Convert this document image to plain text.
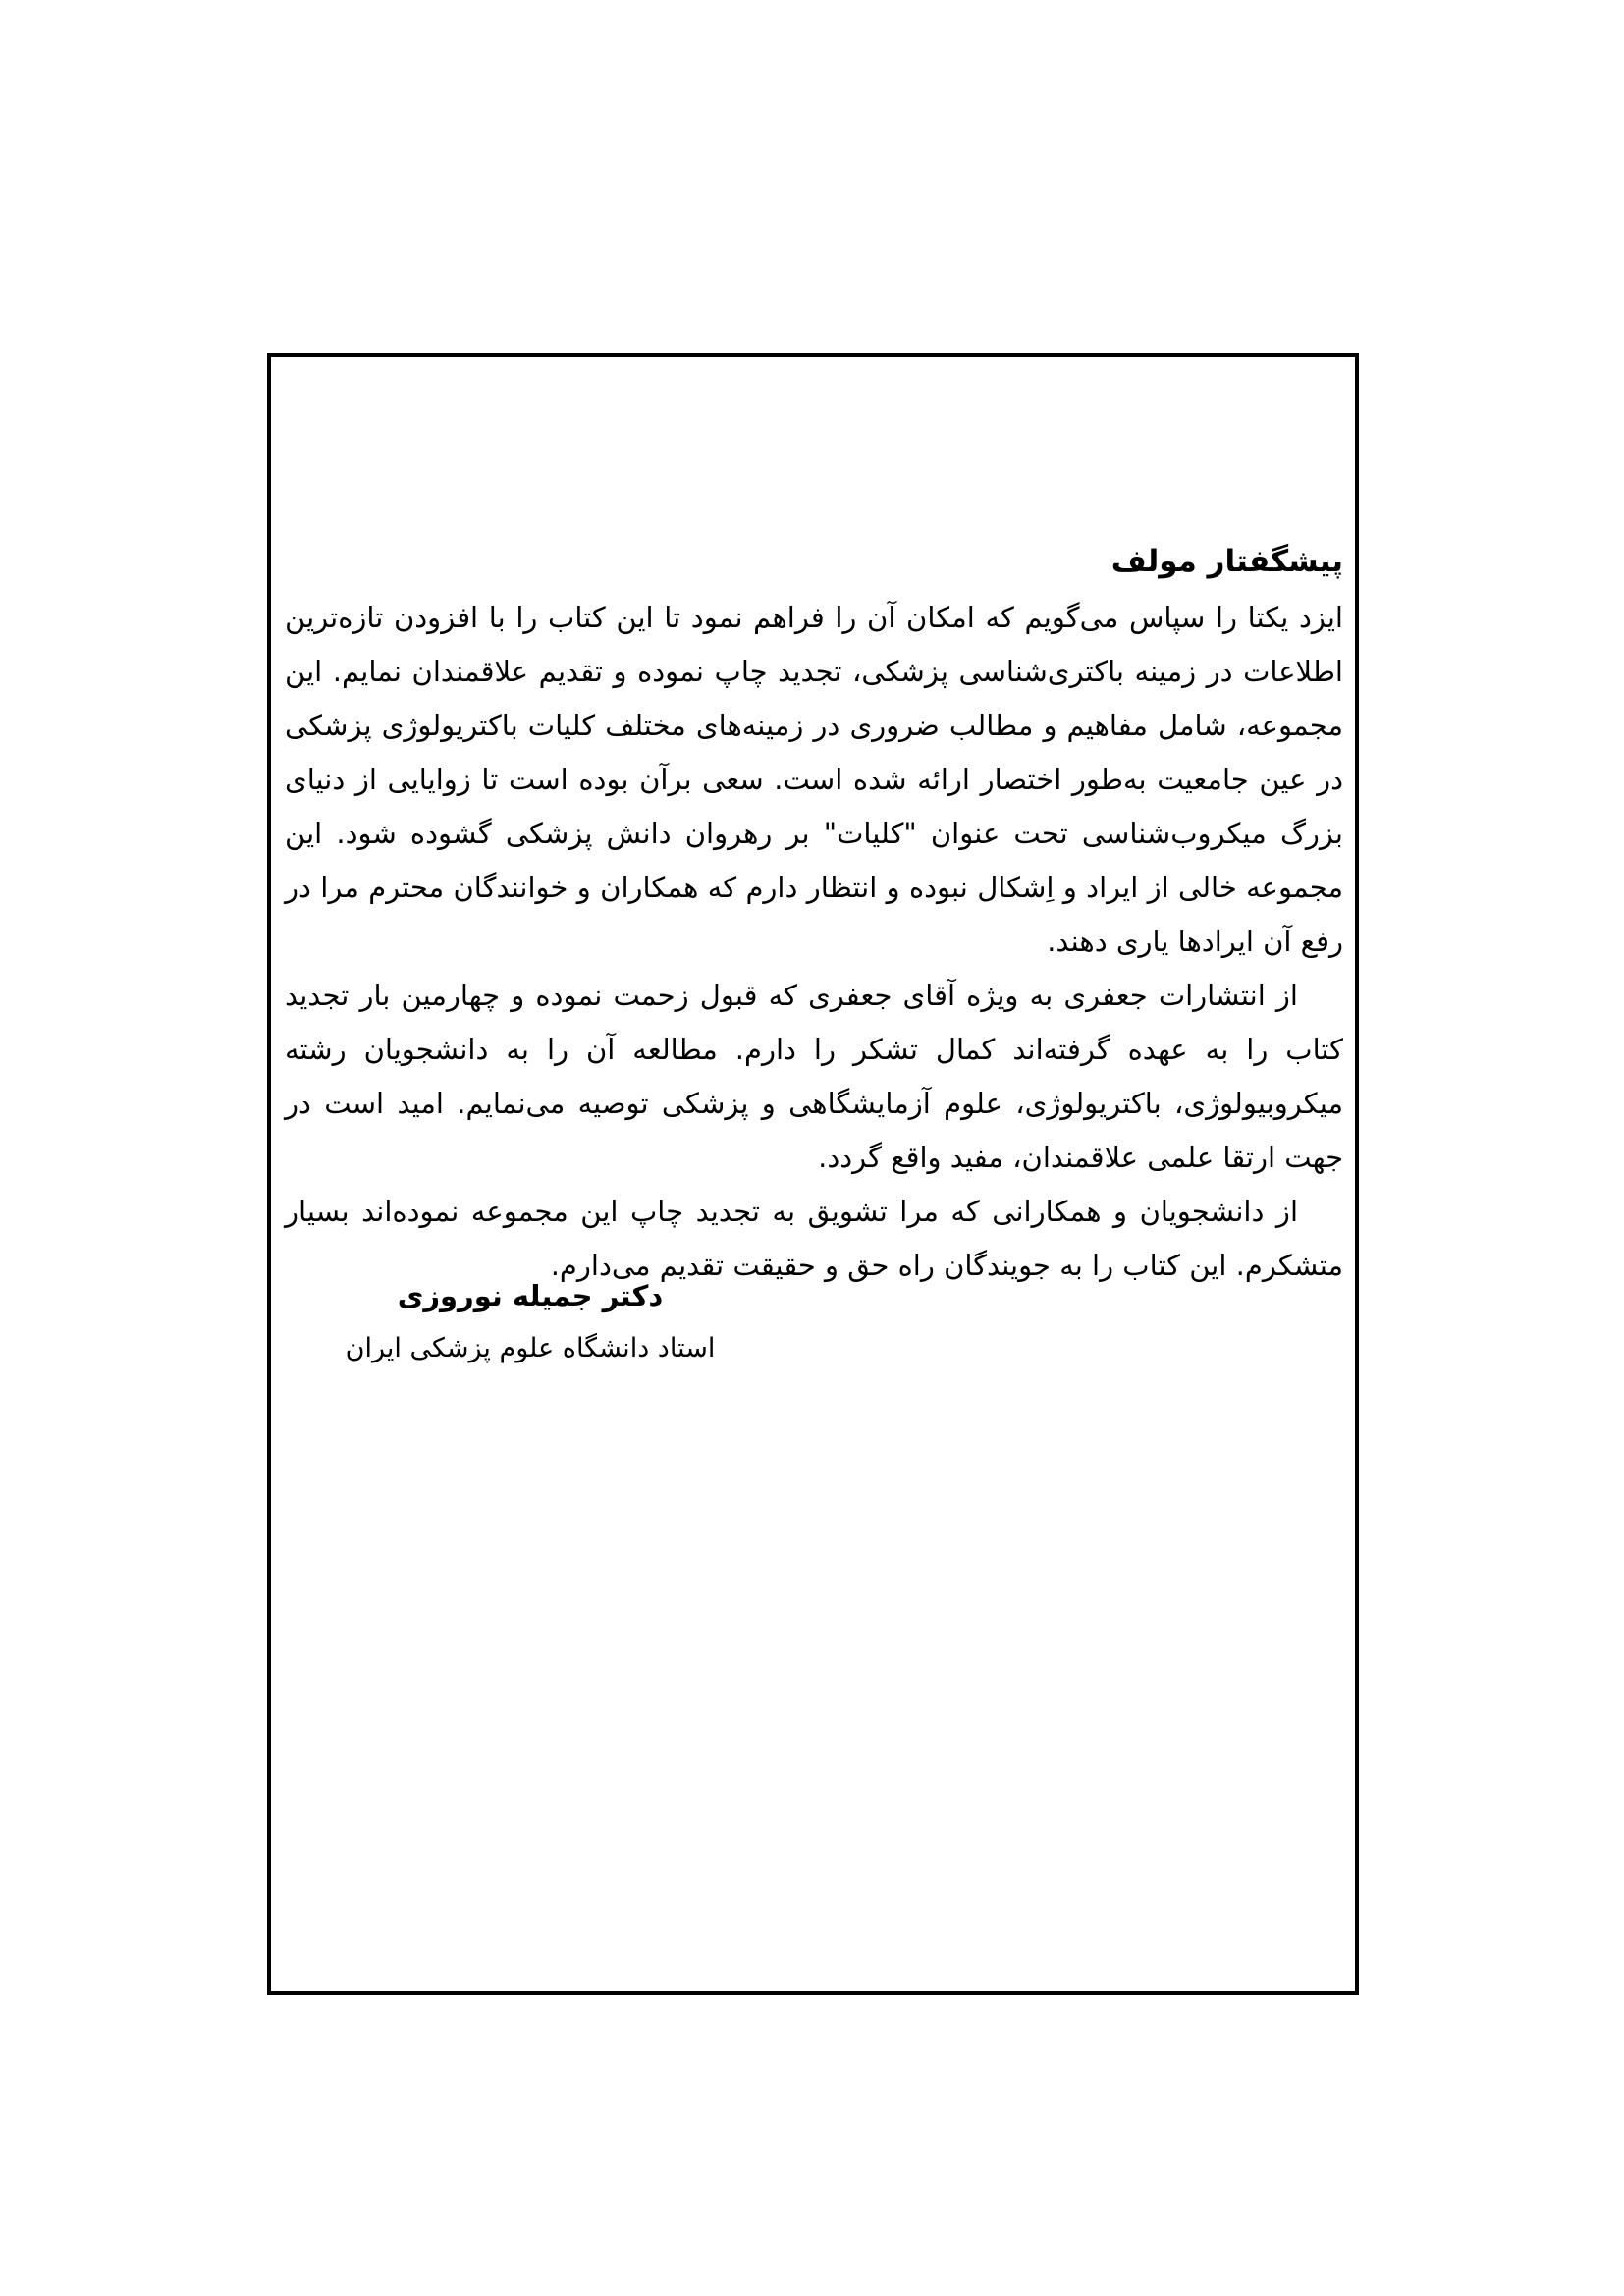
پیشگفتار مولف

ایزد یکتا را سپاس می‌گویم که امکان آن را فراهم نمود تا این کتاب را با افزودن تازه‌ترین اطلاعات در زمینه باکتری‌شناسی پزشکی، تجدید چاپ نموده و تقدیم علاقمندان نمایم. این مجموعه، شامل مفاهیم و مطالب ضروری در زمینه‌های مختلف کلیات باکتریولوژی پزشکی در عین جامعیت به‌طور اختصار ارائه شده است. سعی برآن بوده است تا زوایایی از دنیای بزرگ میکروب‌شناسی تحت عنوان "کلیات" بر رهروان دانش پزشکی گشوده شود. این مجموعه خالی از ایراد و اِشکال نبوده و انتظار دارم که همکاران و خوانندگان محترم مرا در رفع آن ایرادها یاری دهند.

از انتشارات جعفری به ویژه آقای جعفری که قبول زحمت نموده و چهارمین بار تجدید کتاب را به عهده گرفته‌اند کمال تشکر را دارم. مطالعه آن را به دانشجویان رشته میکروبیولوژی، باکتریولوژی، علوم آزمایشگاهی و پزشکی توصیه می‌نمایم. امید است در جهت ارتقا علمی علاقمندان، مفید واقع گردد.

از دانشجویان و همکارانی که مرا تشویق به تجدید چاپ این مجموعه نموده‌اند بسیار متشکرم. این کتاب را به جویندگان راه حق و حقیقت تقدیم می‌دارم.

دکتر جمیله نوروزی

استاد دانشگاه علوم پزشکی ایران
